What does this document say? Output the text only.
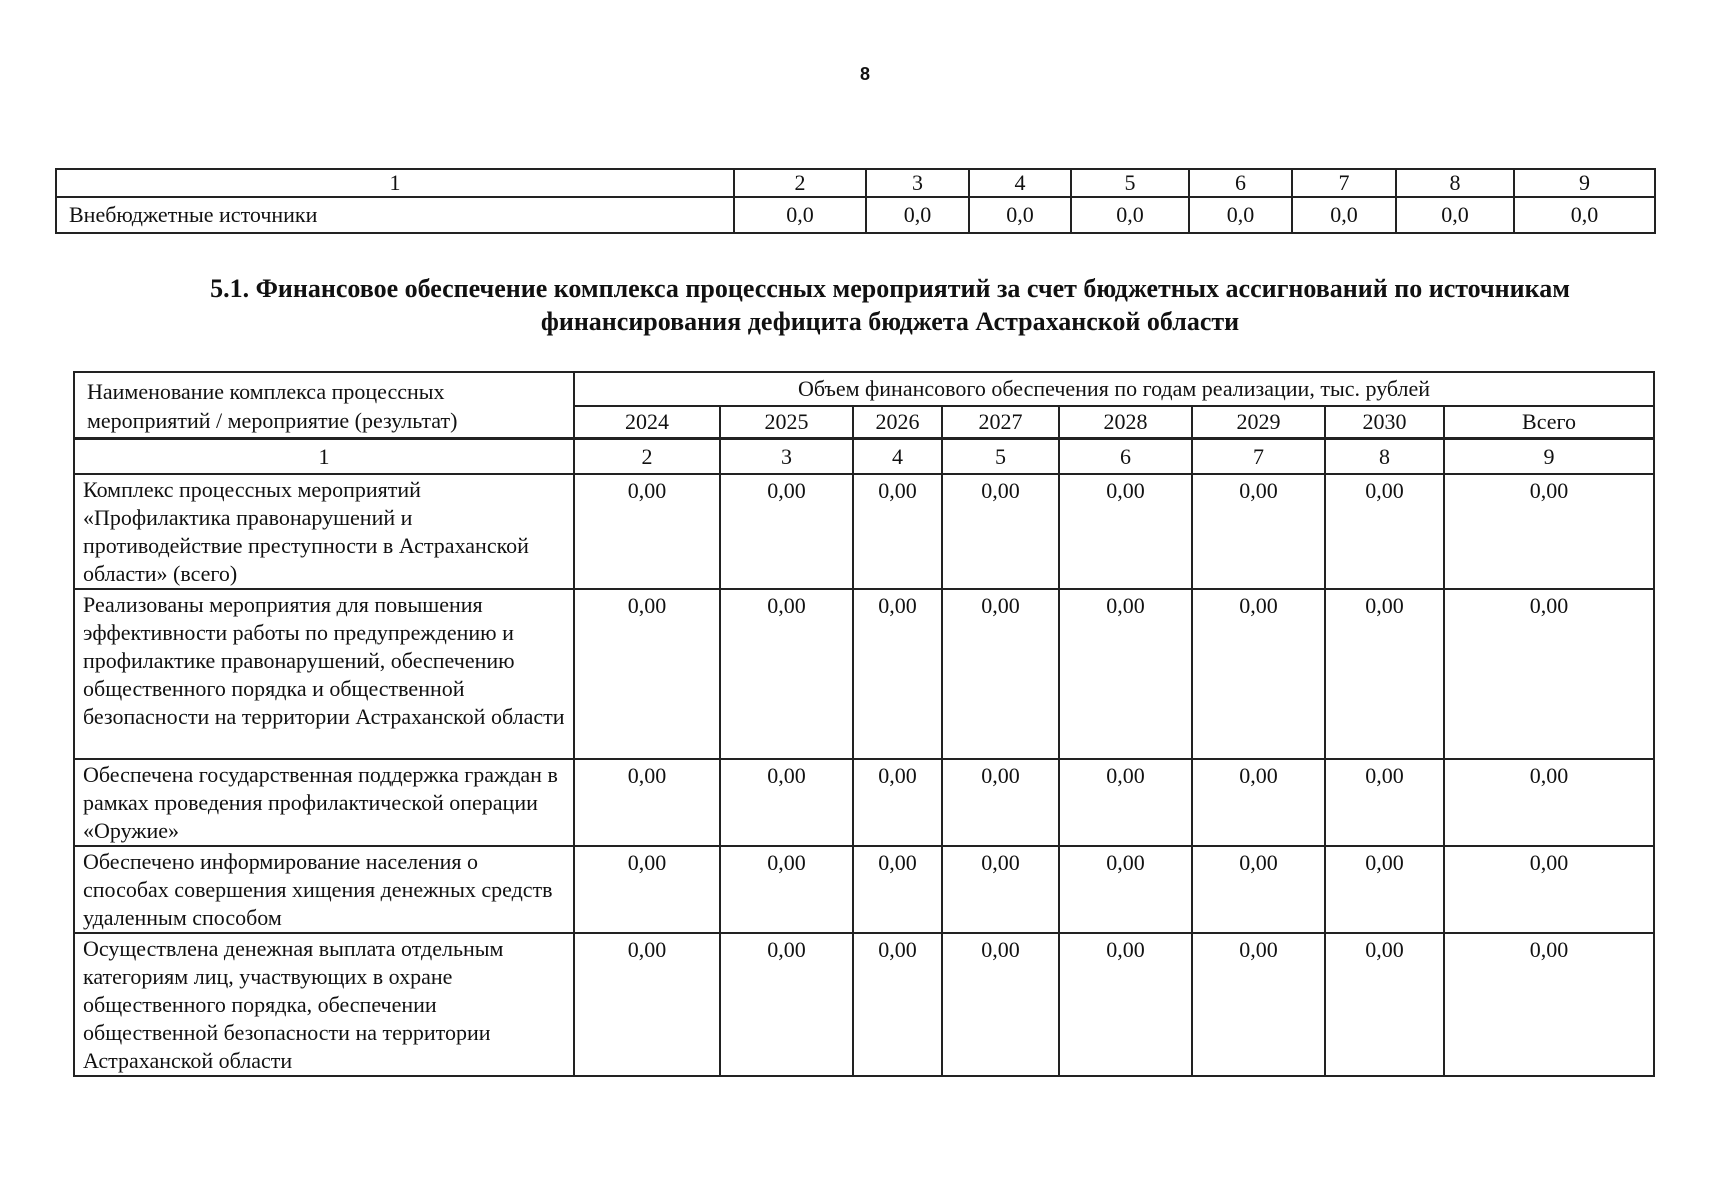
8
1	2	3	4	5	6	7	8	9
Внебюджетные источники	0,0	0,0	0,0	0,0	0,0	0,0	0,0	0,0
5.1. Финансовое обеспечение комплекса процессных мероприятий за счет бюджетных ассигнований по источникам
финансирования дефицита бюджета Астраханской области
Наименование комплекса процессных мероприятий / мероприятие (результат)	Объем финансового обеспечения по годам реализации, тыс. рублей							
	2024	2025	2026	2027	2028	2029	2030	Всего
1	2	3	4	5	6	7	8	9
Комплекс процессных мероприятий «Профилактика правонарушений и противодействие преступности в Астраханской области» (всего)	0,00	0,00	0,00	0,00	0,00	0,00	0,00	0,00
Реализованы мероприятия для повышения эффективности работы по предупреждению и профилактике правонарушений, обеспечению общественного порядка и общественной безопасности на территории Астраханской области	0,00	0,00	0,00	0,00	0,00	0,00	0,00	0,00
Обеспечена государственная поддержка граждан в рамках проведения профилактической операции «Оружие»	0,00	0,00	0,00	0,00	0,00	0,00	0,00	0,00
Обеспечено информирование населения о способах совершения хищения денежных средств удаленным способом	0,00	0,00	0,00	0,00	0,00	0,00	0,00	0,00
Осуществлена денежная выплата отдельным категориям лиц, участвующих в охране общественного порядка, обеспечении общественной безопасности на территории Астраханской области	0,00	0,00	0,00	0,00	0,00	0,00	0,00	0,00
